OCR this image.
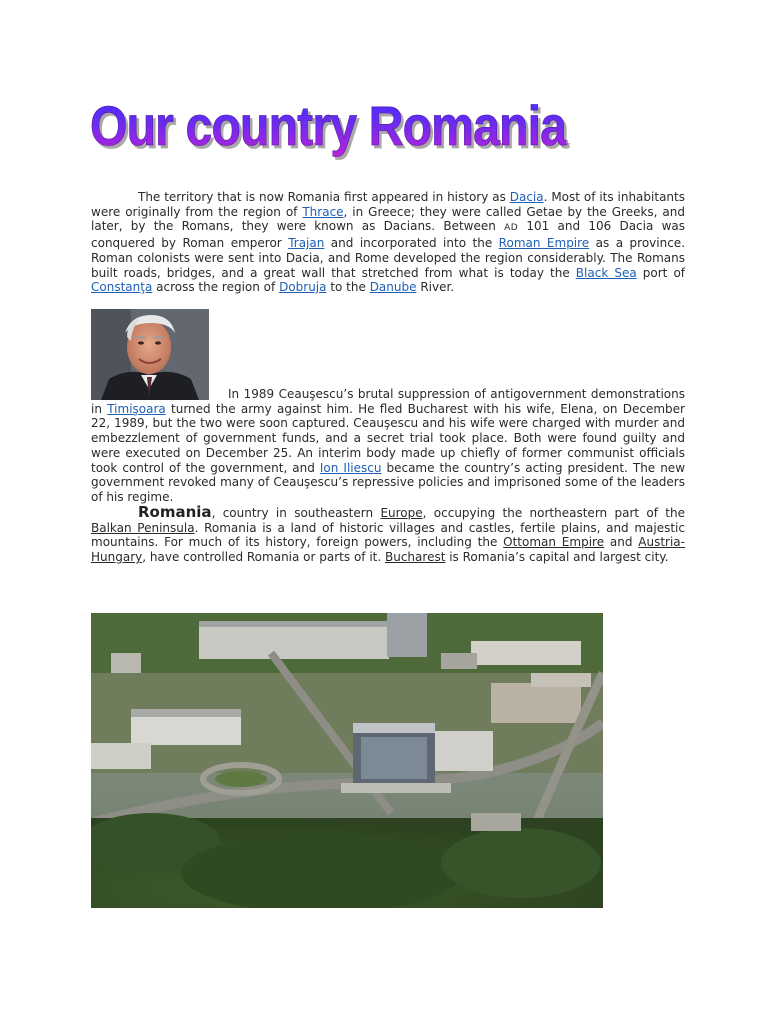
Our country Romania

The territory that is now Romania first appeared in history as Dacia. Most of its inhabitants were originally from the region of Thrace, in Greece; they were called Getae by the Greeks, and later, by the Romans, they were known as Dacians. Between AD 101 and 106 Dacia was conquered by Roman emperor Trajan and incorporated into the Roman Empire as a province. Roman colonists were sent into Dacia, and Rome developed the region considerably. The Romans built roads, bridges, and a great wall that stretched from what is today the Black Sea port of Constanţa across the region of Dobruja to the Danube River.

In 1989 Ceauşescu’s brutal suppression of antigovernment demonstrations in Timişoara turned the army against him. He fled Bucharest with his wife, Elena, on December 22, 1989, but the two were soon captured. Ceauşescu and his wife were charged with murder and embezzlement of government funds, and a secret trial took place. Both were found guilty and were executed on December 25. An interim body made up chiefly of former communist officials took control of the government, and Ion Iliescu became the country’s acting president. The new government revoked many of Ceauşescu’s repressive policies and imprisoned some of the leaders of his regime.

Romania, country in southeastern Europe, occupying the northeastern part of the Balkan Peninsula. Romania is a land of historic villages and castles, fertile plains, and majestic mountains. For much of its history, foreign powers, including the Ottoman Empire and Austria-Hungary, have controlled Romania or parts of it. Bucharest is Romania’s capital and largest city.
